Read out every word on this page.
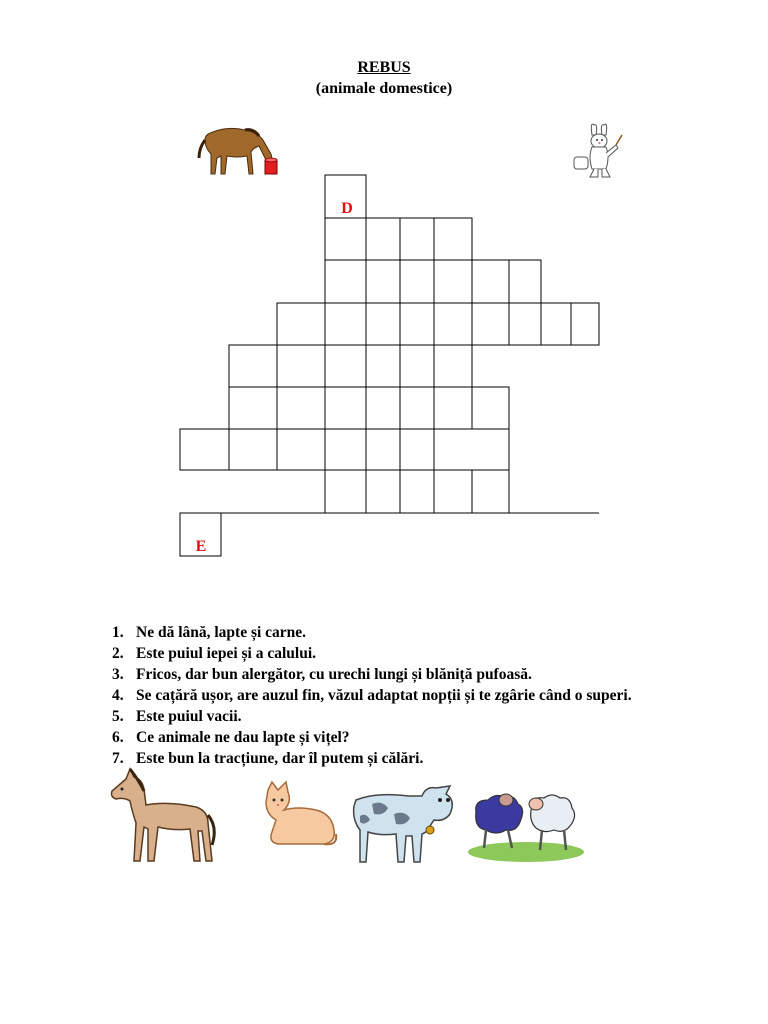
REBUS
(animale domestice)
D
E
1. Ne dă lână, lapte și carne.
2. Este puiul iepei și a calului.
3. Fricos, dar bun alergător, cu urechi lungi și blăniță pufoasă.
4. Se cațără ușor, are auzul fin, văzul adaptat nopții și te zgârie când o superi.
5. Este puiul vacii.
6. Ce animale ne dau lapte și vițel?
7. Este bun la tracțiune, dar îl putem și călări.
